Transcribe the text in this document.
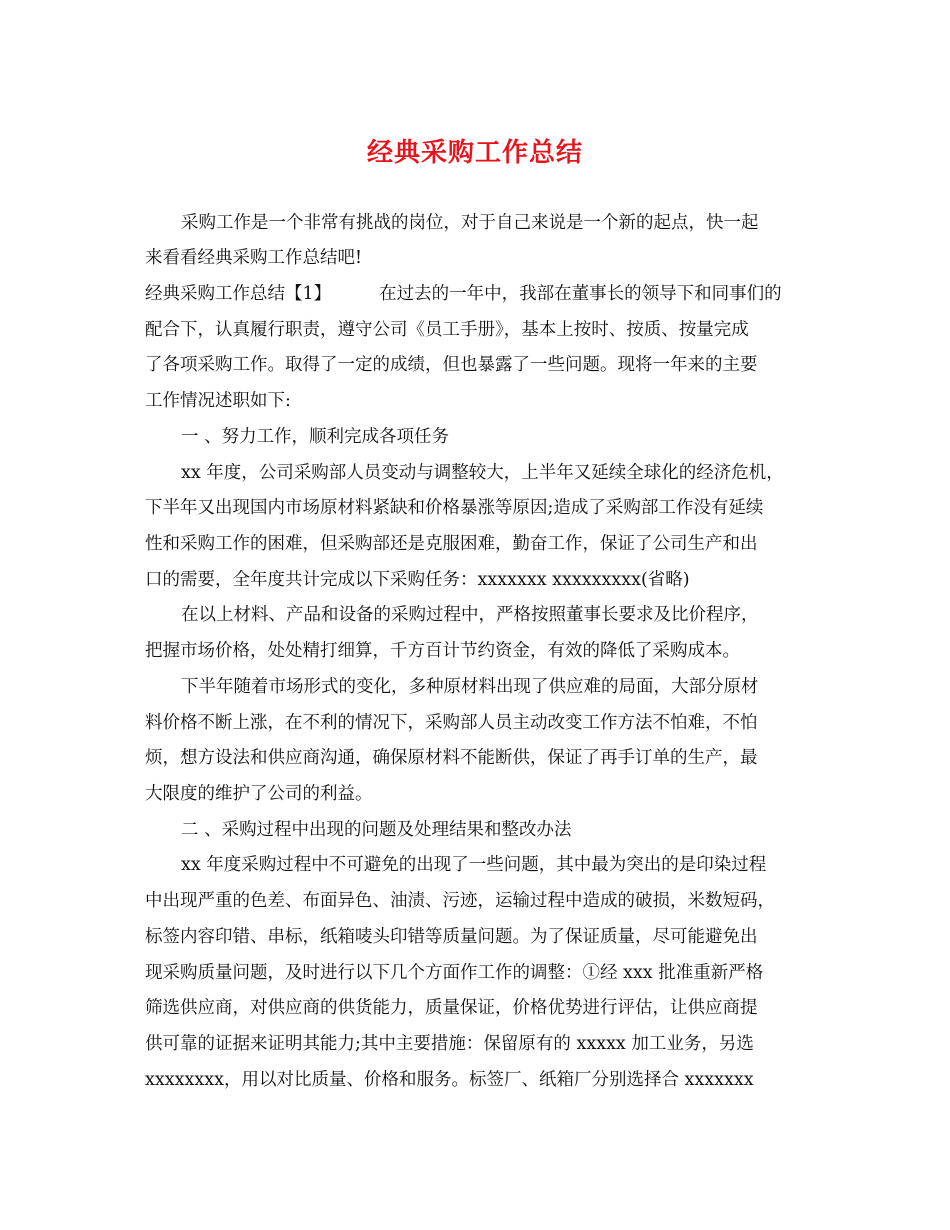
经典采购工作总结
采购工作是一个非常有挑战的岗位，对于自己来说是一个新的起点，快一起
来看看经典采购工作总结吧!
经典采购工作总结【1】	在过去的一年中，我部在董事长的领导下和同事们的
配合下，认真履行职责，遵守公司《员工手册》，基本上按时、按质、按量完成
了各项采购工作。取得了一定的成绩，但也暴露了一些问题。现将一年来的主要
工作情况述职如下:
一 、努力工作，顺利完成各项任务
xx 年度，公司采购部人员变动与调整较大，上半年又延续全球化的经济危机，
下半年又出现国内市场原材料紧缺和价格暴涨等原因;造成了采购部工作没有延续
性和采购工作的困难，但采购部还是克服困难，勤奋工作，保证了公司生产和出
口的需要，全年度共计完成以下采购任务：xxxxxxx xxxxxxxxx(省略)
在以上材料、产品和设备的采购过程中，严格按照董事长要求及比价程序，
把握市场价格，处处精打细算，千方百计节约资金，有效的降低了采购成本。
下半年随着市场形式的变化，多种原材料出现了供应难的局面，大部分原材
料价格不断上涨，在不利的情况下，采购部人员主动改变工作方法不怕难，不怕
烦，想方设法和供应商沟通，确保原材料不能断供，保证了再手订单的生产，最
大限度的维护了公司的利益。
二 、采购过程中出现的问题及处理结果和整改办法
xx 年度采购过程中不可避免的出现了一些问题，其中最为突出的是印染过程
中出现严重的色差、布面异色、油渍、污迹，运输过程中造成的破损，米数短码，
标签内容印错、串标，纸箱唛头印错等质量问题。为了保证质量，尽可能避免出
现采购质量问题，及时进行以下几个方面作工作的调整：①经 xxx 批准重新严格
筛选供应商，对供应商的供货能力，质量保证，价格优势进行评估，让供应商提
供可靠的证据来证明其能力;其中主要措施：保留原有的 xxxxx 加工业务，另选
xxxxxxxx，用以对比质量、价格和服务。标签厂、纸箱厂分别选择合 xxxxxxx
